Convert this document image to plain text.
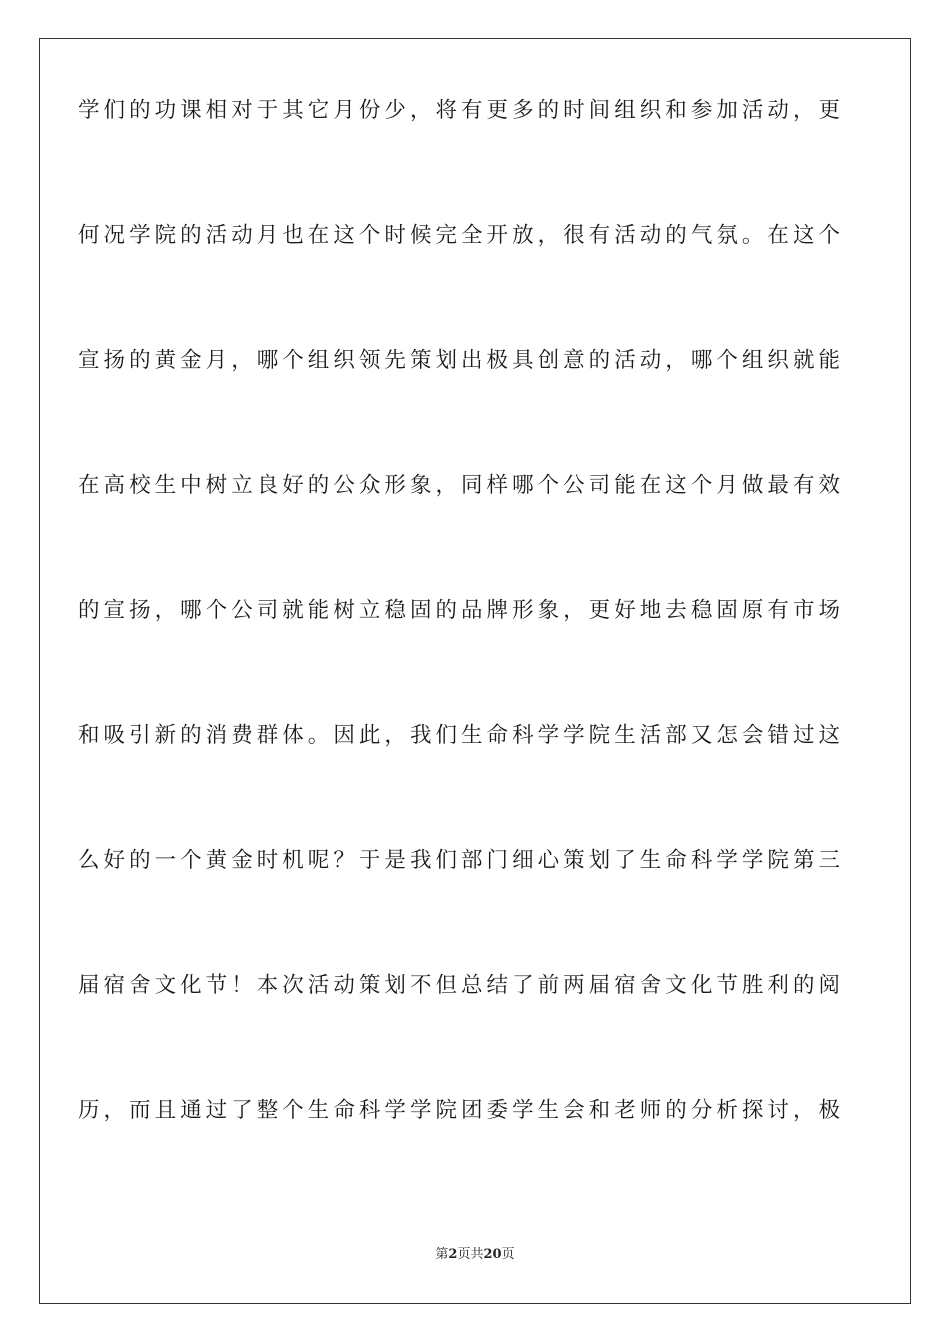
学们的功课相对于其它月份少，将有更多的时间组织和参加活动，更
何况学院的活动月也在这个时候完全开放，很有活动的气氛。在这个
宣扬的黄金月，哪个组织领先策划出极具创意的活动，哪个组织就能
在高校生中树立良好的公众形象，同样哪个公司能在这个月做最有效
的宣扬，哪个公司就能树立稳固的品牌形象，更好地去稳固原有市场
和吸引新的消费群体。因此，我们生命科学学院生活部又怎会错过这
么好的一个黄金时机呢？于是我们部门细心策划了生命科学学院第三
届宿舍文化节！本次活动策划不但总结了前两届宿舍文化节胜利的阅
历，而且通过了整个生命科学学院团委学生会和老师的分析探讨，极
第2页共20页
